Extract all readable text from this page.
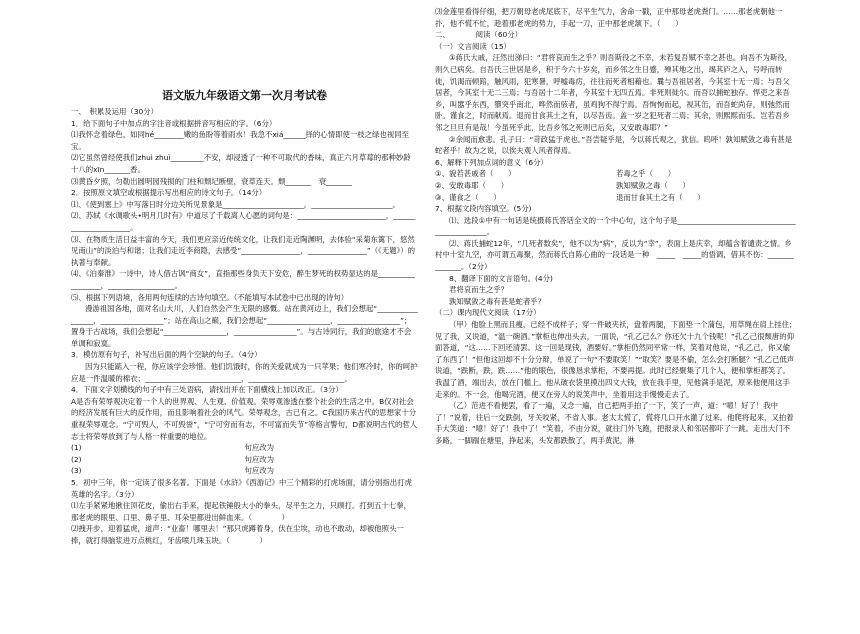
语文版九年级语文第一次月考试卷
一、　积累及运用（30分）
1．给下面句子中加点的字注音或根据拼音写相应的字。（6分）
⑴我怀念着绿色，如同hé________嫩的鱼盼等着雨水！我急不xiá______择的心情即使一枝之绿也视同至宝。
⑵它虽然曾经使我们zhuì zhuì_________不安，却浸透了一种不可取代的香味，真正六月草莓的那种妙龄十八的xīn_______香。
⑶黄昏夕照，匀勒出圆明园残损的门柱和颓圮断壁，衰草连天。颓_______　衰_______
2．按照原文填空或根据提示写出相应的诗文句子。（14分）
⑴、《使到塞上》中写落日时分边关所见景象是______________________，______________________。
⑵、苏轼《水调歌头•明月几时有》中道尽了千载离人心愿的词句是：________________________，______________________。
⑶、在物质生活日益丰富的今天，我们更应亲近传统文化，让我们走近陶渊明，去体验“采菊东篱下，悠然见南山”的淡泊与和谐；让我们走近李商隐，去感受“________________，________________”（《无题》）的执著与奉献。
⑷、《泊秦淮》一诗中，诗人借古讽“商女”，直指那些身负天下安危，醉生梦死的权势显达的是__________________，__________________。
⑸、根据下列语境，各用两句连续的古诗句填空。（不能填写本试卷中已出现的诗句）
漫游祖国各地，面对名山大川，人们自然会产生无限的感慨。站在黄河边上，我们会想起“_________________，_________________”；站在高山之巅，我们会想起“_________________，_________________”；置身于古战场，我们会想起“_________________，_________________”。与古诗同行，我们的旅途才不会单调和寂寞。
3．模仿原有句子，补写出后面的两个空缺的句子。（4分）
因为只能踮入一程，你应该学会珍惜。他们饥饿时，你的关爱就成为一只苹果；他们寒冷时，你的呵护应是一件温暖的棉衣；__________________________，__________________________。
4．下面文字划横线的句子中有三处语病，请找出并在下面横线上加以改正。（3分）
A是否有荣辱观决定着一个人的世界观、人生观、价值观。荣辱观渗透在整个社会的生活之中。B仅对社会的经济发展有巨大的反作用，而且影响着社会的风气。荣辱观念，古已有之。C我国历来古代的思想家十分重视荣辱观念。“宁可毁人，不可毁誉”，“宁可穷而有志，不可富而失节”等格言警句，D都说明古代的哲人志士将荣辱放到了与人格一样重要的地位。
(1)	句应改为
(2)	句应改为
(3)	句应改为
5．初中三年，你一定读了很多名著。下面是《水浒》《西游记》中三个精彩的打虎场面，请分别指出打虎英雄的名字。（3分）
⑴左手紧紧地揪住顶花皮，偷出右手来，提起铁锤般大小的拳头，尽平生之力，只顾打。打到五十七拳，那老虎的眼里、口里、鼻子里、耳朵里都迸出鲜血来。（　　　　）
⑵拽开步，迎着猛虎，道声：“业畜！哪里去！”那只虎蹲着身，伏在尘埃，动也不敢动，却被他照头一捧，就打得脑浆进万点桃红，牙齿喷几珠玉块。（　　　　）
⑶金莲里看得仔细，把刀朝母老虎尾底下，尽平生气力，舍命一戳，正中那母老虎粪门。……那老虎朝他一扑，他不慌不忙，趁着那老虎的势力，手起一刀，正中那老虎颔下。（　　）
二、　　　　阅读（60分）
（一）文言阅读（15）
①蒋氏大戚，汪然出涕曰：“君将哀而生之乎？则吾斯役之不幸，未若复吾赋不幸之甚也。向吾不为斯役，则久已病矣。自吾氏三世居是乡，积于今六十岁矣，而乡邻之生日蹙，殚其地之出，竭其庐之入，号呼而转徙，饥渴而顿踣，触风雨，犯寒暑，呼嘘毒疠，往往而死者相藉也。曩与吾祖居者，今其室十无一焉；与吾父居者，今其室十无二三焉；与吾居十二年者，今其室十无四五焉。非死则徙尔。而吾以捕蛇独存。悍吏之来吾乡，叫嚣乎东西，隳突乎南北，哗然而骇者，虽鸡狗不得宁焉。吾恂恂而起，视其缶，而吾蛇尚存，则弛然而卧。谨食之，时而献焉。退而甘食其土之有，以尽吾齿。盖一岁之犯死者二焉；其余，则熙熙而乐。岂若吾乡邻之旦旦有是哉！今虽死乎此，比吾乡邻之死则已后矣，又安敢毒耶？”
②余闻而愈悲。孔子曰：“苛政猛于虎也。”吾尝疑乎是，今以蒋氏观之，犹信。呜呼！孰知赋敛之毒有甚是蛇者乎！故为之说，以俟夫观人风者得焉。
6、解释下列加点词的意义（6分）
①、貌若甚戚者（　　）	若毒之乎（　　）
②、安敢毒耶（　　）	孰知赋敛之毒（　　）
③、谨食之（　　）	退而甘食其土之有（　　）
7、根据文段内容填空。(5分)
⑴、选段①中有一句话是统摄蒋氏答话全文的一个中心句，这个句子是______________________________________________。
⑵、蒋氏捕蛇12年，“几死者数矣”，他不以为“病”，反以为“幸”，表面上是庆幸，却蕴含着谴责之情。乡村中十室九空，亦可谓五毒聚，然而蒋氏自陈心曲的一段话是一种　_____　_____的悟调，借其不伤：_______　_______。（2分）
8、翻译下面的文言语句。(4分)
君将哀而生之乎？
孰知赋敛之毒有甚是蛇者乎？
（二）课内现代文阅读（17分）
（甲）他脸上黑而且瘦，已经不成样子；穿一件破夹袄，盘着两腿，下面垫一个蒲包，用草绳在肩上挂住；见了我，又说道，“温一碗酒。”掌柜也伸出头去，一面说，“孔乙己么？你还欠十九个钱呢！”孔乙己很颓唐的仰面答道，“这……下回还清罢。这一回是现钱，酒要好。”掌柜仍然同平常一样，笑着对他说，“孔乙己，你又偷了东西了！”但他这回却不十分分辩，单说了一句“不要取笑！”“取笑？要是不偷，怎么会打断腿？”孔乙己低声说道，“跌断，跌，跌……”他的眼色，很像恳求掌柜，不要再提。此时已经聚集了几个人，便和掌柜都笑了。我温了酒，端出去，放在门槛上。他从破衣袋里摸出四文大钱，放在我手里，见他满手是泥，原来他便用这手走来的。不一会，他喝完酒，便又在旁人的说笑声中，坐着用这手慢慢走去了。
（乙）范进不看便罢，看了一遍，又念一遍，自己把两手拍了一下，笑了一声，道：“噫！好了！我中了！”说着，往后一交跌倒，牙关咬紧，不省人事。老太太慌了，慌将几口开水灌了过来。他爬将起来，又拍着手大笑道：“噫！好了！我中了！”笑着，不由分说，就往门外飞跑，把报录人和邻居都吓了一跳。走出大门不多路，一脚踹在塘里，挣起来，头发都跌散了，两手黄泥，淋
